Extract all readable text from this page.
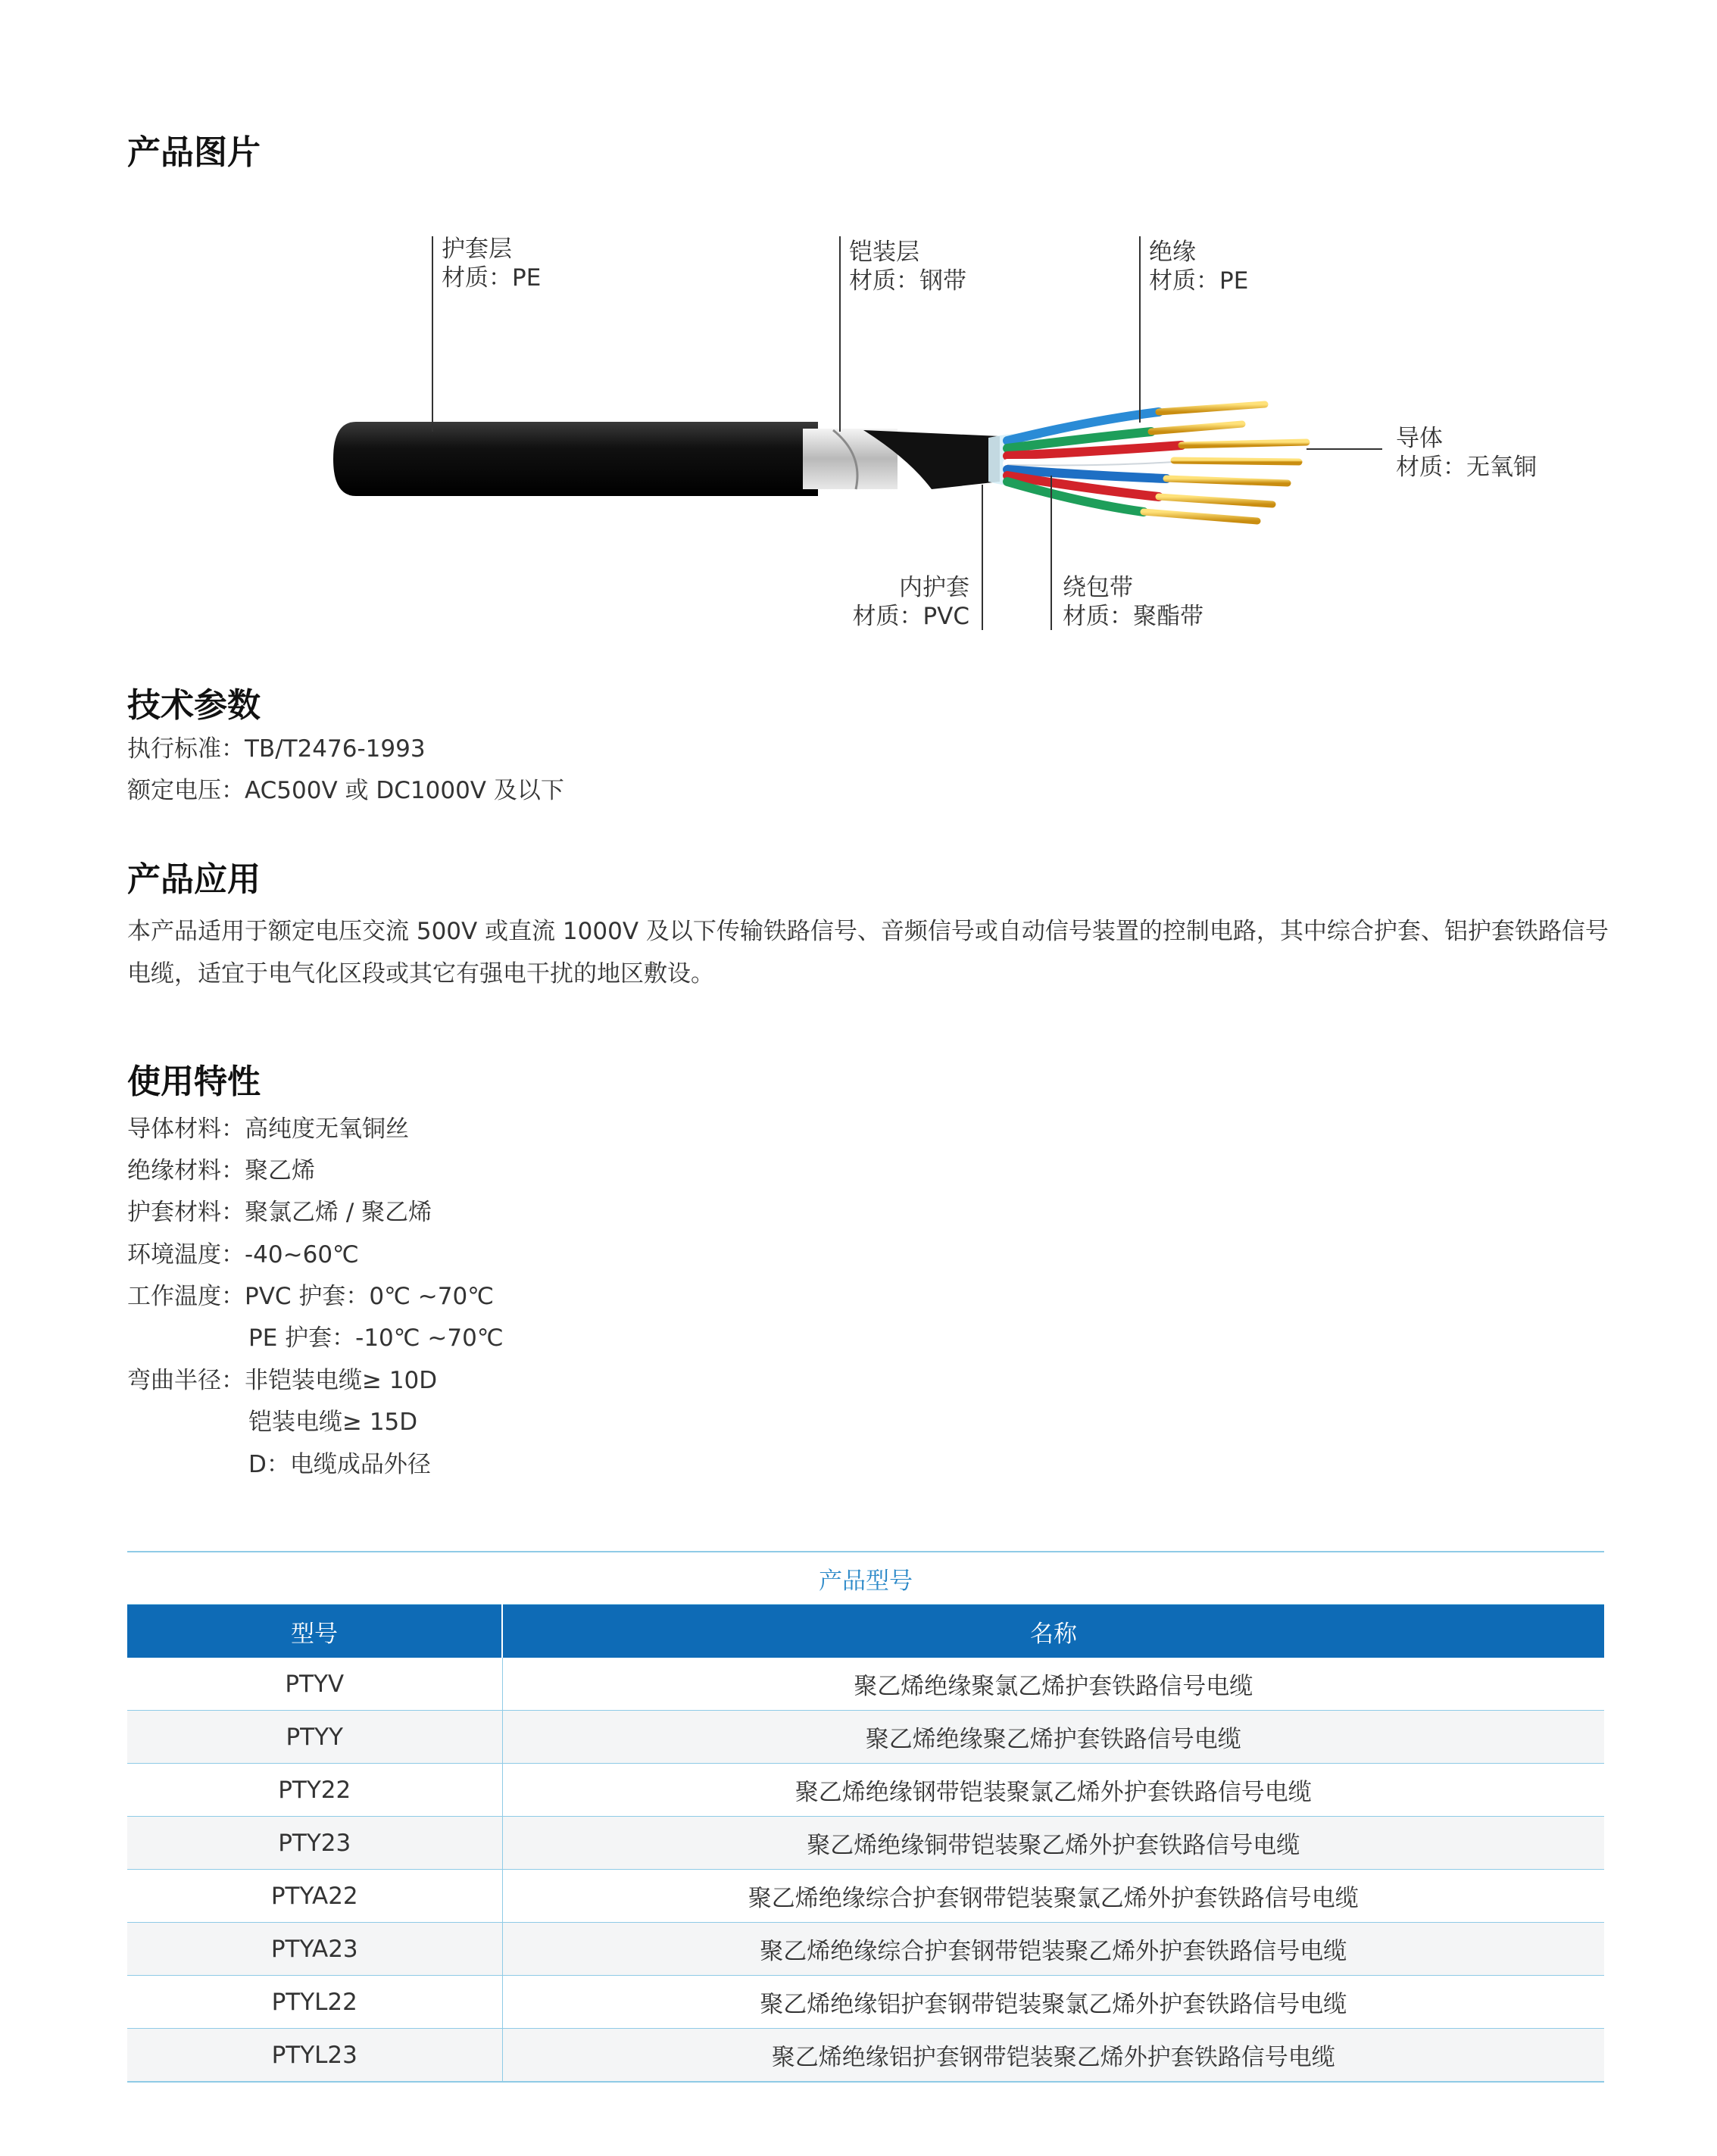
产品图片
护套层
材质：PE
铠装层
材质：钢带
绝缘
材质：PE
导体
材质：无氧铜
内护套
材质：PVC
绕包带
材质：聚酯带
技术参数
执行标准：TB/T2476-1993
额定电压：AC500V 或 DC1000V 及以下
产品应用
本产品适用于额定电压交流 500V 或直流 1000V 及以下传输铁路信号、音频信号或自动信号装置的控制电路，其中综合护套、铝护套铁路信号电缆，适宜于电气化区段或其它有强电干扰的地区敷设。
使用特性
导体材料：高纯度无氧铜丝
绝缘材料：聚乙烯
护套材料：聚氯乙烯 / 聚乙烯
环境温度：-40~60℃
工作温度：PVC 护套：0℃ ~70℃
PE 护套：-10℃ ~70℃
弯曲半径：非铠装电缆≥ 10D
铠装电缆≥ 15D
D：电缆成品外径
产品型号	
型号	名称
PTYV	聚乙烯绝缘聚氯乙烯护套铁路信号电缆
PTYY	聚乙烯绝缘聚乙烯护套铁路信号电缆
PTY22	聚乙烯绝缘钢带铠装聚氯乙烯外护套铁路信号电缆
PTY23	聚乙烯绝缘铜带铠装聚乙烯外护套铁路信号电缆
PTYA22	聚乙烯绝缘综合护套钢带铠装聚氯乙烯外护套铁路信号电缆
PTYA23	聚乙烯绝缘综合护套钢带铠装聚乙烯外护套铁路信号电缆
PTYL22	聚乙烯绝缘铝护套钢带铠装聚氯乙烯外护套铁路信号电缆
PTYL23	聚乙烯绝缘铝护套钢带铠装聚乙烯外护套铁路信号电缆
